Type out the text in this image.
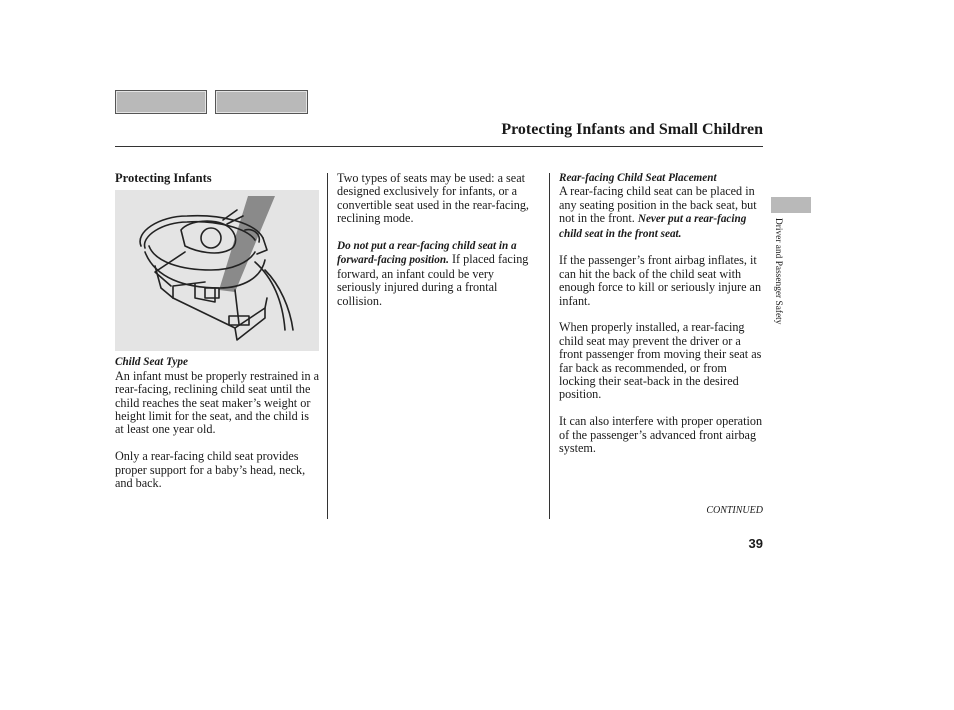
Protecting Infants and Small Children
Protecting Infants
Child Seat Type

An infant must be properly restrained in a rear-facing, reclining child seat until the child reaches the seat maker’s weight or height limit for the seat, and the child is at least one year old.

Only a rear-facing child seat provides proper support for a baby’s head, neck, and back.

Two types of seats may be used: a seat designed exclusively for infants, or a convertible seat used in the rear-facing, reclining mode.

Do not put a rear-facing child seat in a forward-facing position. If placed facing forward, an infant could be very seriously injured during a frontal collision.

Rear-facing Child Seat Placement

A rear-facing child seat can be placed in any seating position in the back seat, but not in the front. Never put a rear-facing child seat in the front seat.

If the passenger’s front airbag inflates, it can hit the back of the child seat with enough force to kill or seriously injure an infant.

When properly installed, a rear-facing child seat may prevent the driver or a front passenger from moving their seat as far back as recommended, or from locking their seat-back in the desired position.

It can also interfere with proper operation of the passenger’s advanced front airbag system.

Driver and Passenger Safety
CONTINUED
39
